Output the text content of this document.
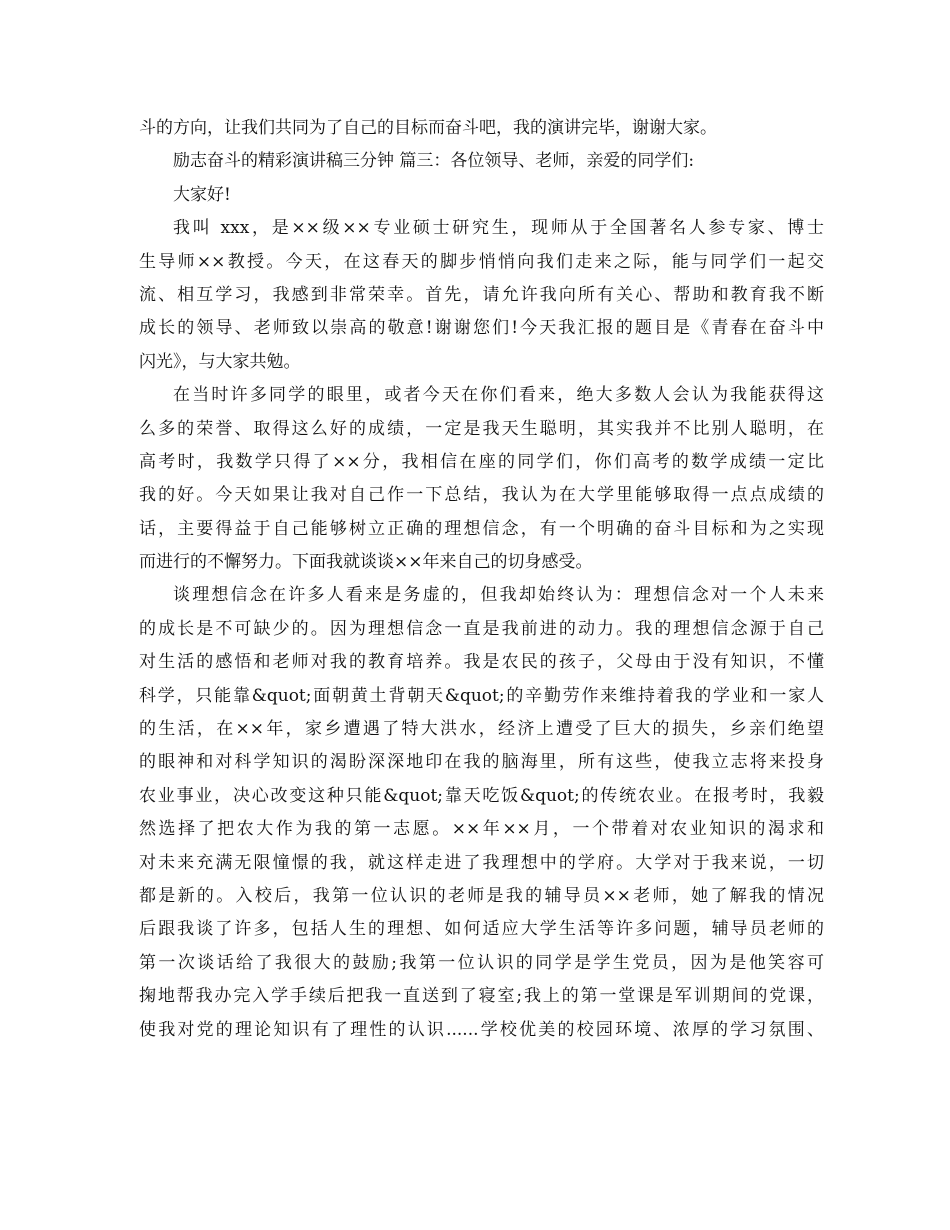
斗的方向，让我们共同为了自己的目标而奋斗吧，我的演讲完毕，谢谢大家。
励志奋斗的精彩演讲稿三分钟 篇三：各位领导、老师，亲爱的同学们:
大家好!
我叫 xxx，是××级××专业硕士研究生，现师从于全国著名人参专家、博士
生导师××教授。今天，在这春天的脚步悄悄向我们走来之际，能与同学们一起交
流、相互学习，我感到非常荣幸。首先，请允许我向所有关心、帮助和教育我不断
成长的领导、老师致以崇高的敬意!谢谢您们!今天我汇报的题目是《青春在奋斗中
闪光》，与大家共勉。
在当时许多同学的眼里，或者今天在你们看来，绝大多数人会认为我能获得这
么多的荣誉、取得这么好的成绩，一定是我天生聪明，其实我并不比别人聪明，在
高考时，我数学只得了××分，我相信在座的同学们，你们高考的数学成绩一定比
我的好。今天如果让我对自己作一下总结，我认为在大学里能够取得一点点成绩的
话，主要得益于自己能够树立正确的理想信念，有一个明确的奋斗目标和为之实现
而进行的不懈努力。下面我就谈谈××年来自己的切身感受。
谈理想信念在许多人看来是务虚的，但我却始终认为：理想信念对一个人未来
的成长是不可缺少的。因为理想信念一直是我前进的动力。我的理想信念源于自己
对生活的感悟和老师对我的教育培养。我是农民的孩子，父母由于没有知识，不懂
科学，只能靠&quot;面朝黄土背朝天&quot;的辛勤劳作来维持着我的学业和一家人
的生活，在××年，家乡遭遇了特大洪水，经济上遭受了巨大的损失，乡亲们绝望
的眼神和对科学知识的渴盼深深地印在我的脑海里，所有这些，使我立志将来投身
农业事业，决心改变这种只能&quot;靠天吃饭&quot;的传统农业。在报考时，我毅
然选择了把农大作为我的第一志愿。××年××月，一个带着对农业知识的渴求和
对未来充满无限憧憬的我，就这样走进了我理想中的学府。大学对于我来说，一切
都是新的。入校后，我第一位认识的老师是我的辅导员××老师，她了解我的情况
后跟我谈了许多，包括人生的理想、如何适应大学生活等许多问题，辅导员老师的
第一次谈话给了我很大的鼓励;我第一位认识的同学是学生党员，因为是他笑容可
掬地帮我办完入学手续后把我一直送到了寝室;我上的第一堂课是军训期间的党课，
使我对党的理论知识有了理性的认识......学校优美的校园环境、浓厚的学习氛围、
